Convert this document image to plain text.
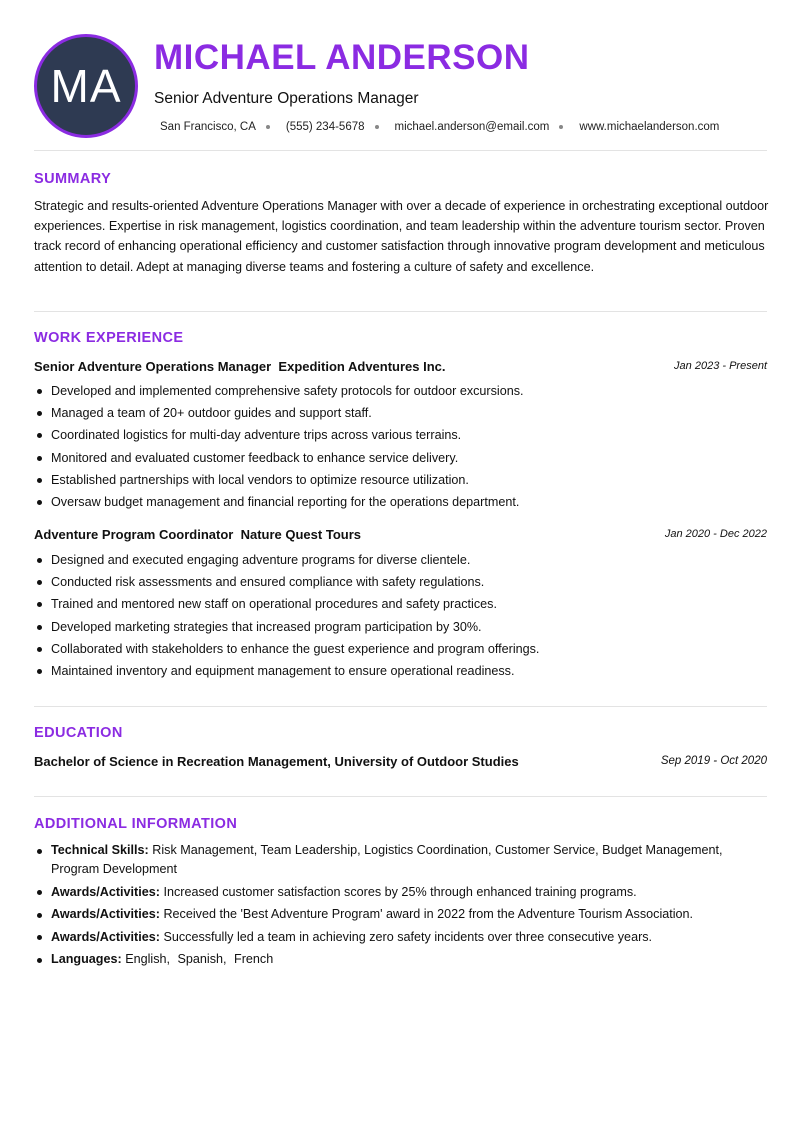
MA
MICHAEL ANDERSON
Senior Adventure Operations Manager
San Francisco, CA	(555) 234-5678	michael.anderson@email.com	www.michaelanderson.com
SUMMARY

Strategic and results-oriented Adventure Operations Manager with over a decade of experience in orchestrating exceptional outdoor experiences. Expertise in risk management, logistics coordination, and team leadership within the adventure tourism sector. Proven track record of enhancing operational efficiency and customer satisfaction through innovative program development and meticulous attention to detail. Adept at managing diverse teams and fostering a culture of safety and excellence.

WORK EXPERIENCE
Senior Adventure Operations Manager Expedition Adventures Inc.	Jan 2023 - Present
Developed and implemented comprehensive safety protocols for outdoor excursions.
Managed a team of 20+ outdoor guides and support staff.
Coordinated logistics for multi-day adventure trips across various terrains.
Monitored and evaluated customer feedback to enhance service delivery.
Established partnerships with local vendors to optimize resource utilization.
Oversaw budget management and financial reporting for the operations department.
Adventure Program Coordinator Nature Quest Tours	Jan 2020 - Dec 2022
Designed and executed engaging adventure programs for diverse clientele.
Conducted risk assessments and ensured compliance with safety regulations.
Trained and mentored new staff on operational procedures and safety practices.
Developed marketing strategies that increased program participation by 30%.
Collaborated with stakeholders to enhance the guest experience and program offerings.
Maintained inventory and equipment management to ensure operational readiness.
EDUCATION
Bachelor of Science in Recreation Management, University of Outdoor Studies	Sep 2019 - Oct 2020
ADDITIONAL INFORMATION
Technical Skills: Risk Management, Team Leadership, Logistics Coordination, Customer Service, Budget Management, Program Development
Awards/Activities: Increased customer satisfaction scores by 25% through enhanced training programs.
Awards/Activities: Received the 'Best Adventure Program' award in 2022 from the Adventure Tourism Association.
Awards/Activities: Successfully led a team in achieving zero safety incidents over three consecutive years.
Languages: English, Spanish, French
